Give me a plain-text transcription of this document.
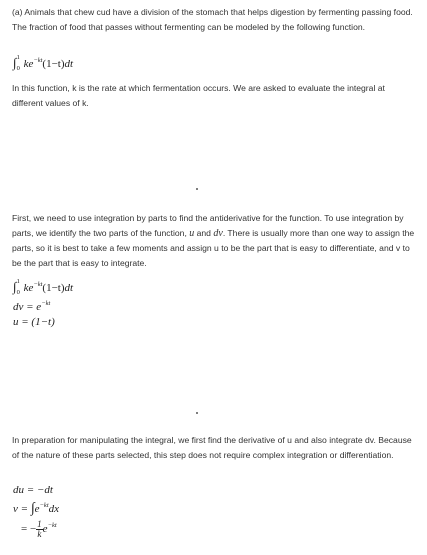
(a) Animals that chew cud have a division of the stomach that helps digestion by fermenting passing food. The fraction of food that passes without fermenting can be modeled by the following function.

∫ 1
0 $ke^{-kt}(1-t)dt$

In this function, k is the rate at which fermentation occurs. We are asked to evaluate the integral at different values of k.

First, we need to use integration by parts to find the antiderivative for the function. To use integration by parts, we identify the two parts of the function, u and dv. There is usually more than one way to assign the parts, so it is best to take a few moments and assign u to be the part that is easy to differentiate, and v to be the part that is easy to integrate.

∫ 1
0 $ke^{-kt}(1-t)dt$
dv = $e^{-kt}$
u = (1−t)

In preparation for manipulating the integral, we first find the derivative of u and also integrate dv. Because of the nature of these parts selected, this step does not require complex integration or differentiation.

du = −dt
$v = \int e^{-kt}dx$
= − $\frac{1}{k} e^{-kt}$
